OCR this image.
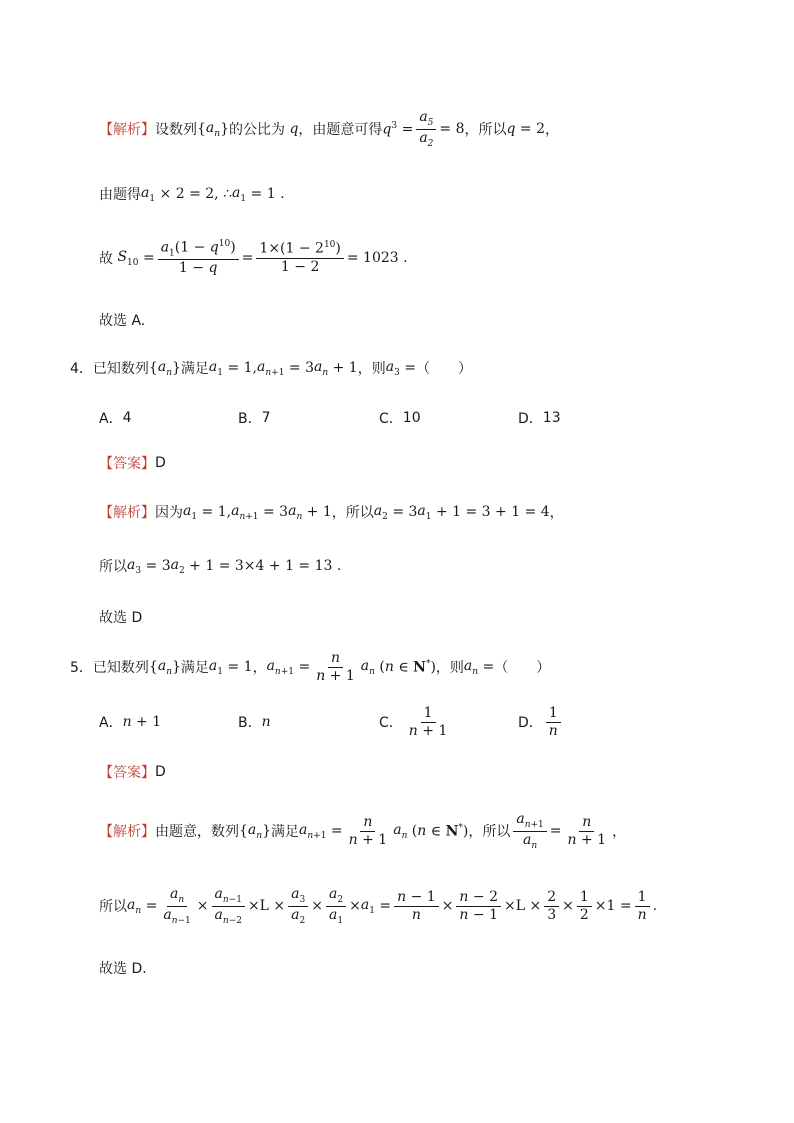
【解析】 设数列 { $a_n$ } 的公比为 q ，由题意可得 $q^3 = \frac{a_5}{a_2} = 8$ ，所以 q = 2 ，
由题得 $a_1 \times 2 = 2$, ∴ $a_1 = 1$ .
故 $S_{10} = \frac{a_1(1 - q^{10})}{1 - q} = \frac{1\times(1 - 2^{10})}{1 - 2} = 1023$ .
故选 A.
4．已知数列 { $a_n$ } 满足 $a_1 = 1$, $a_{n+1} = 3$ $a_n + 1$ ，则 $a_3$ = （　　）
A． 4	B． 7	C． 10	D． 13
【答案】 D
【解析】 因为 $a_1 = 1$, $a_{n+1} = 3$ $a_n + 1$ ，所以 $a_2 = 3$ $a_1 + 1 = 3 + 1 = 4$ ，
所以 $a_3 = 3$ $a_2 + 1 = 3\times 4 + 1 = 13$ .
故选 D
5．已知数列 { $a_n$ } 满足 $a_1 = 1$ ， $a_{n+1} = \frac{n}{n + 1} a_n$ ( n ∈ N*) ，则 $a_n$ = （　　）
A． n + 1	B． n	C． $\frac{1}{n + 1}$	D． $\frac{1}{n}$
【答案】 D
【解析】 由题意，数列 { $a_n$ } 满足 $a_{n+1} = \frac{n}{n + 1} a_n$ ( n ∈ N*) ，所以 $\frac{a_{n+1}}{a_n} = \frac{n}{n + 1}$ ，
所以 $a_n = \frac{a_n}{a_{n-1}} \times \frac{a_{n-1}}{a_{n-2}} \times L \times \frac{a_3}{a_2} \times \frac{a_2}{a_1} \times a_1 = \frac{n - 1}{n} \times \frac{n - 2}{n - 1} \times L \times \frac{2}{3} \times \frac{1}{2} \times 1 = \frac{1}{n}$ .
故选 D.
